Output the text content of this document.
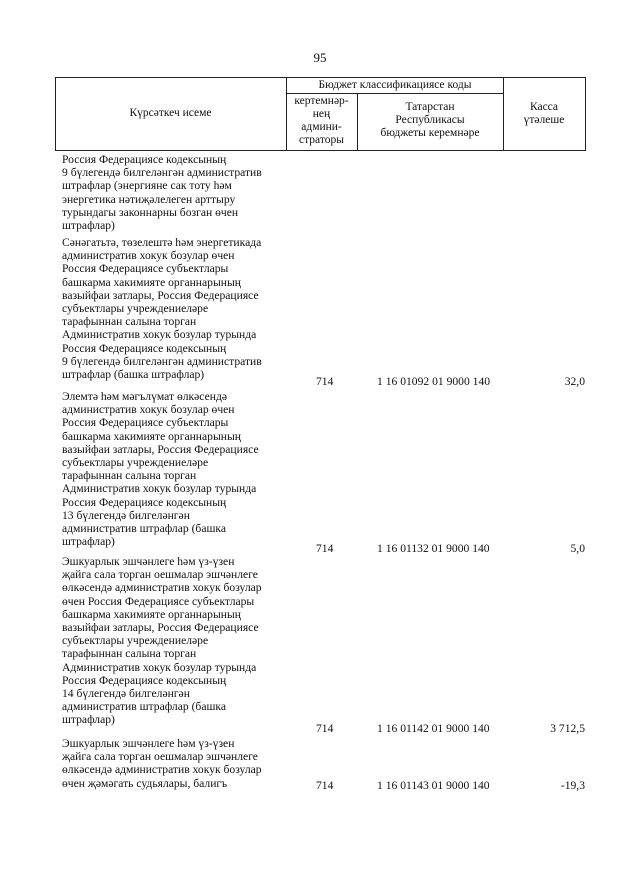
95
Күрсәткеч исеме
Бюджет классификациясе коды
кертемнәр-
нең
админи-
страторы
Татарстан
Республикасы
бюджеты керемнәре
Касса
үтәлеше
Россия Федерациясе кодексының
9 бүлегендә билгеләнгән административ
штрафлар (энергияне сак тоту һәм
энергетика нәтиҗәлелеген арттыру
турындагы законнарны бозган өчен
штрафлар)
Сәнәгатьтә, төзелештә һәм энергетикада
административ хокук бозулар өчен
Россия Федерациясе субъектлары
башкарма хакимияте органнарының
вазыйфаи затлары, Россия Федерациясе
субъектлары учреждениеләре
тарафыннан салына торган
Административ хокук бозулар турында
Россия Федерациясе кодексының
9 бүлегендә билгеләнгән административ
штрафлар (башка штрафлар)
714	1 16 01092 01 9000 140	32,0
Элемтә һәм мәгълүмат өлкәсендә
административ хокук бозулар өчен
Россия Федерациясе субъектлары
башкарма хакимияте органнарының
вазыйфаи затлары, Россия Федерациясе
субъектлары учреждениеләре
тарафыннан салына торган
Административ хокук бозулар турында
Россия Федерациясе кодексының
13 бүлегендә билгеләнгән
административ штрафлар (башка
штрафлар)
714	1 16 01132 01 9000 140	5,0
Эшкуарлык эшчәнлеге һәм үз-үзен
җайга сала торган оешмалар эшчәнлеге
өлкәсендә административ хокук бозулар
өчен Россия Федерациясе субъектлары
башкарма хакимияте органнарының
вазыйфаи затлары, Россия Федерациясе
субъектлары учреждениеләре
тарафыннан салына торган
Административ хокук бозулар турында
Россия Федерациясе кодексының
14 бүлегендә билгеләнгән
административ штрафлар (башка
штрафлар)
714	1 16 01142 01 9000 140	3 712,5
Эшкуарлык эшчәнлеге һәм үз-үзен
җайга сала торган оешмалар эшчәнлеге
өлкәсендә административ хокук бозулар
өчен җәмәгать судьялары, балигъ	714	1 16 01143 01 9000 140	-19,3
